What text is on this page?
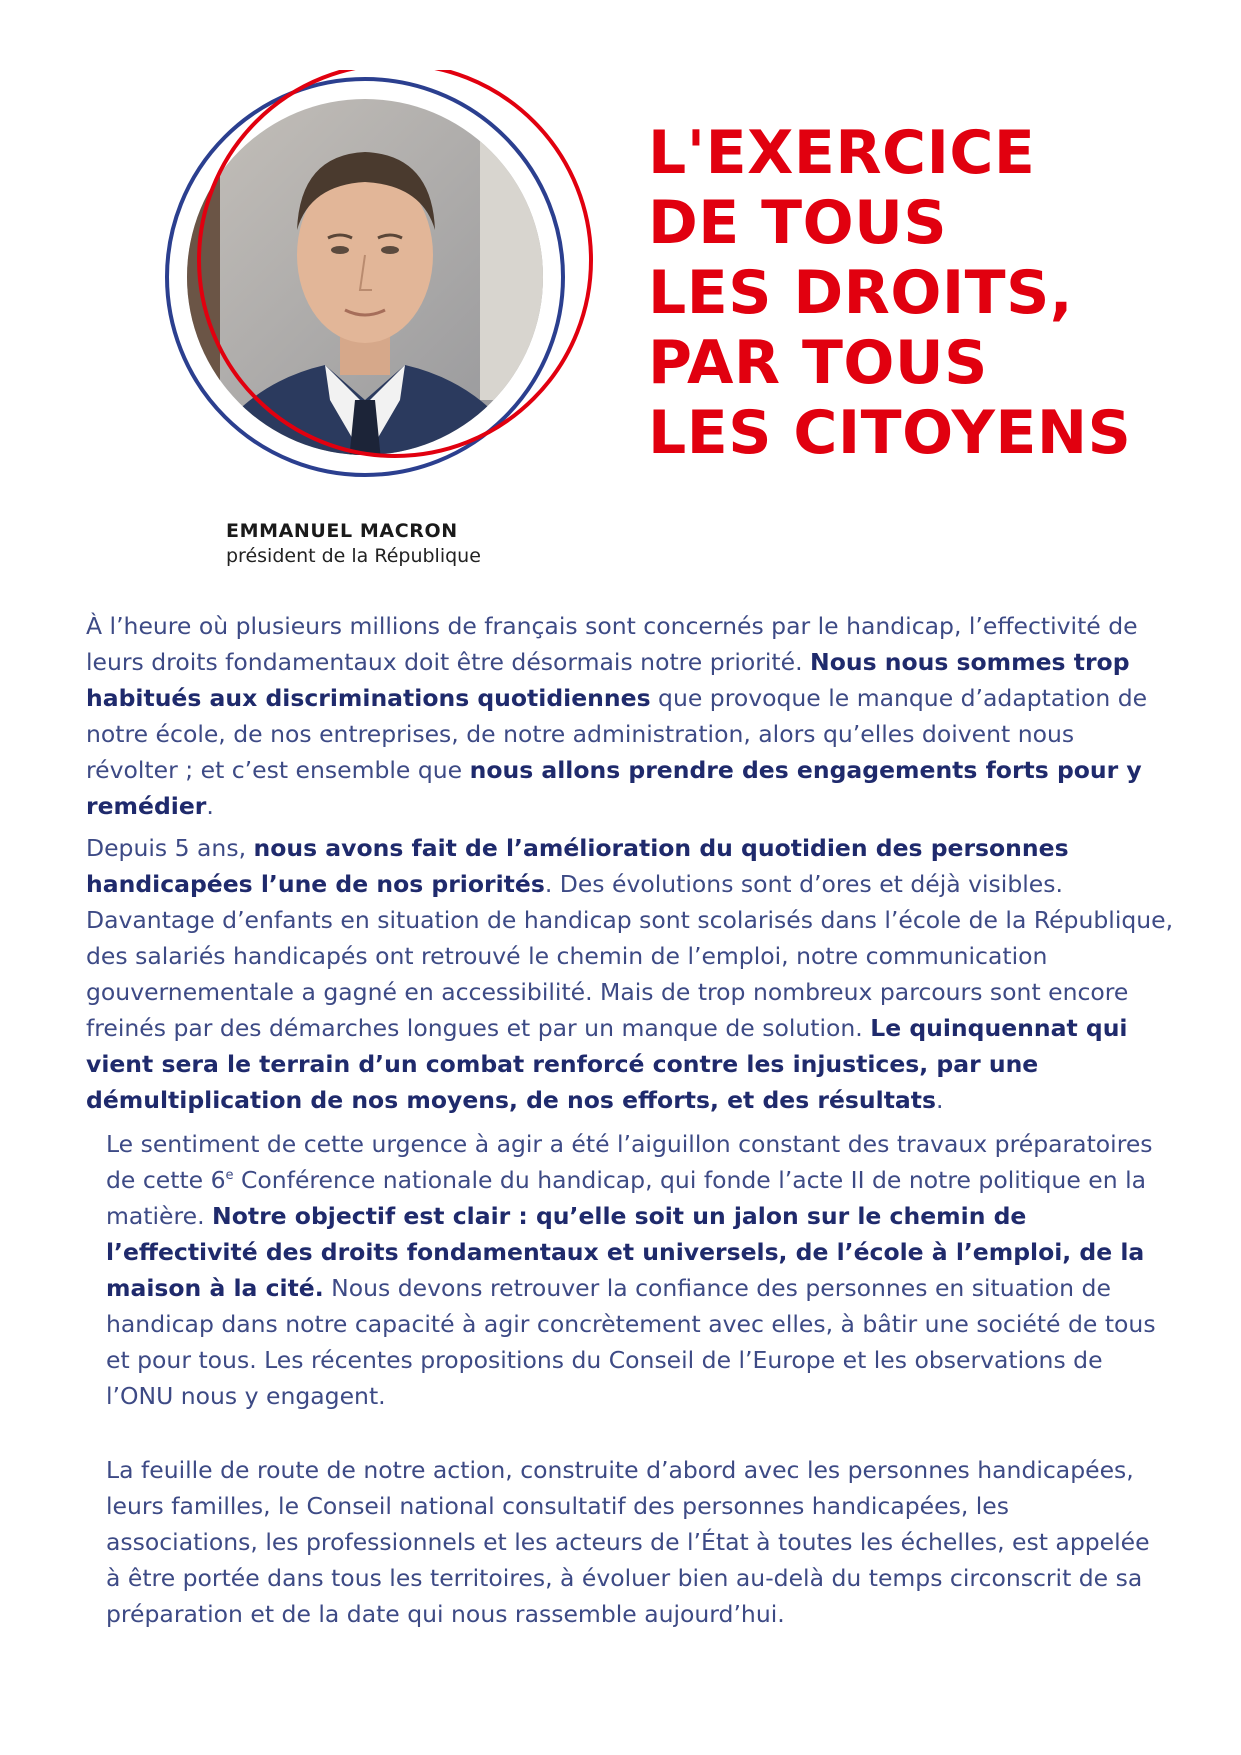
L'EXERCICE
DE TOUS
LES DROITS,
PAR TOUS
LES CITOYENS
EMMANUEL MACRON
président de la République

À l’heure où plusieurs millions de français sont concernés par le handicap, l’effectivité de leurs droits fondamentaux doit être désormais notre priorité. Nous nous sommes trop habitués aux discriminations quotidiennes que provoque le manque d’adaptation de notre école, de nos entreprises, de notre administration, alors qu’elles doivent nous révolter ; et c’est ensemble que nous allons prendre des engagements forts pour y remédier.

Depuis 5 ans, nous avons fait de l’amélioration du quotidien des personnes handicapées l’une de nos priorités. Des évolutions sont d’ores et déjà visibles. Davantage d’enfants en situation de handicap sont scolarisés dans l’école de la République, des salariés handicapés ont retrouvé le chemin de l’emploi, notre communication gouvernementale a gagné en accessibilité. Mais de trop nombreux parcours sont encore freinés par des démarches longues et par un manque de solution. Le quinquennat qui vient sera le terrain d’un combat renforcé contre les injustices, par une démultiplication de nos moyens, de nos efforts, et des résultats.

Le sentiment de cette urgence à agir a été l’aiguillon constant des travaux préparatoires de cette 6e Conférence nationale du handicap, qui fonde l’acte II de notre politique en la matière. Notre objectif est clair : qu’elle soit un jalon sur le chemin de l’effectivité des droits fondamentaux et universels, de l’école à l’emploi, de la maison à la cité. Nous devons retrouver la confiance des personnes en situation de handicap dans notre capacité à agir concrètement avec elles, à bâtir une société de tous et pour tous. Les récentes propositions du Conseil de l’Europe et les observations de l’ONU nous y engagent.

La feuille de route de notre action, construite d’abord avec les personnes handicapées, leurs familles, le Conseil national consultatif des personnes handicapées, les associations, les professionnels et les acteurs de l’État à toutes les échelles, est appelée à être portée dans tous les territoires, à évoluer bien au-delà du temps circonscrit de sa préparation et de la date qui nous rassemble aujourd’hui.
